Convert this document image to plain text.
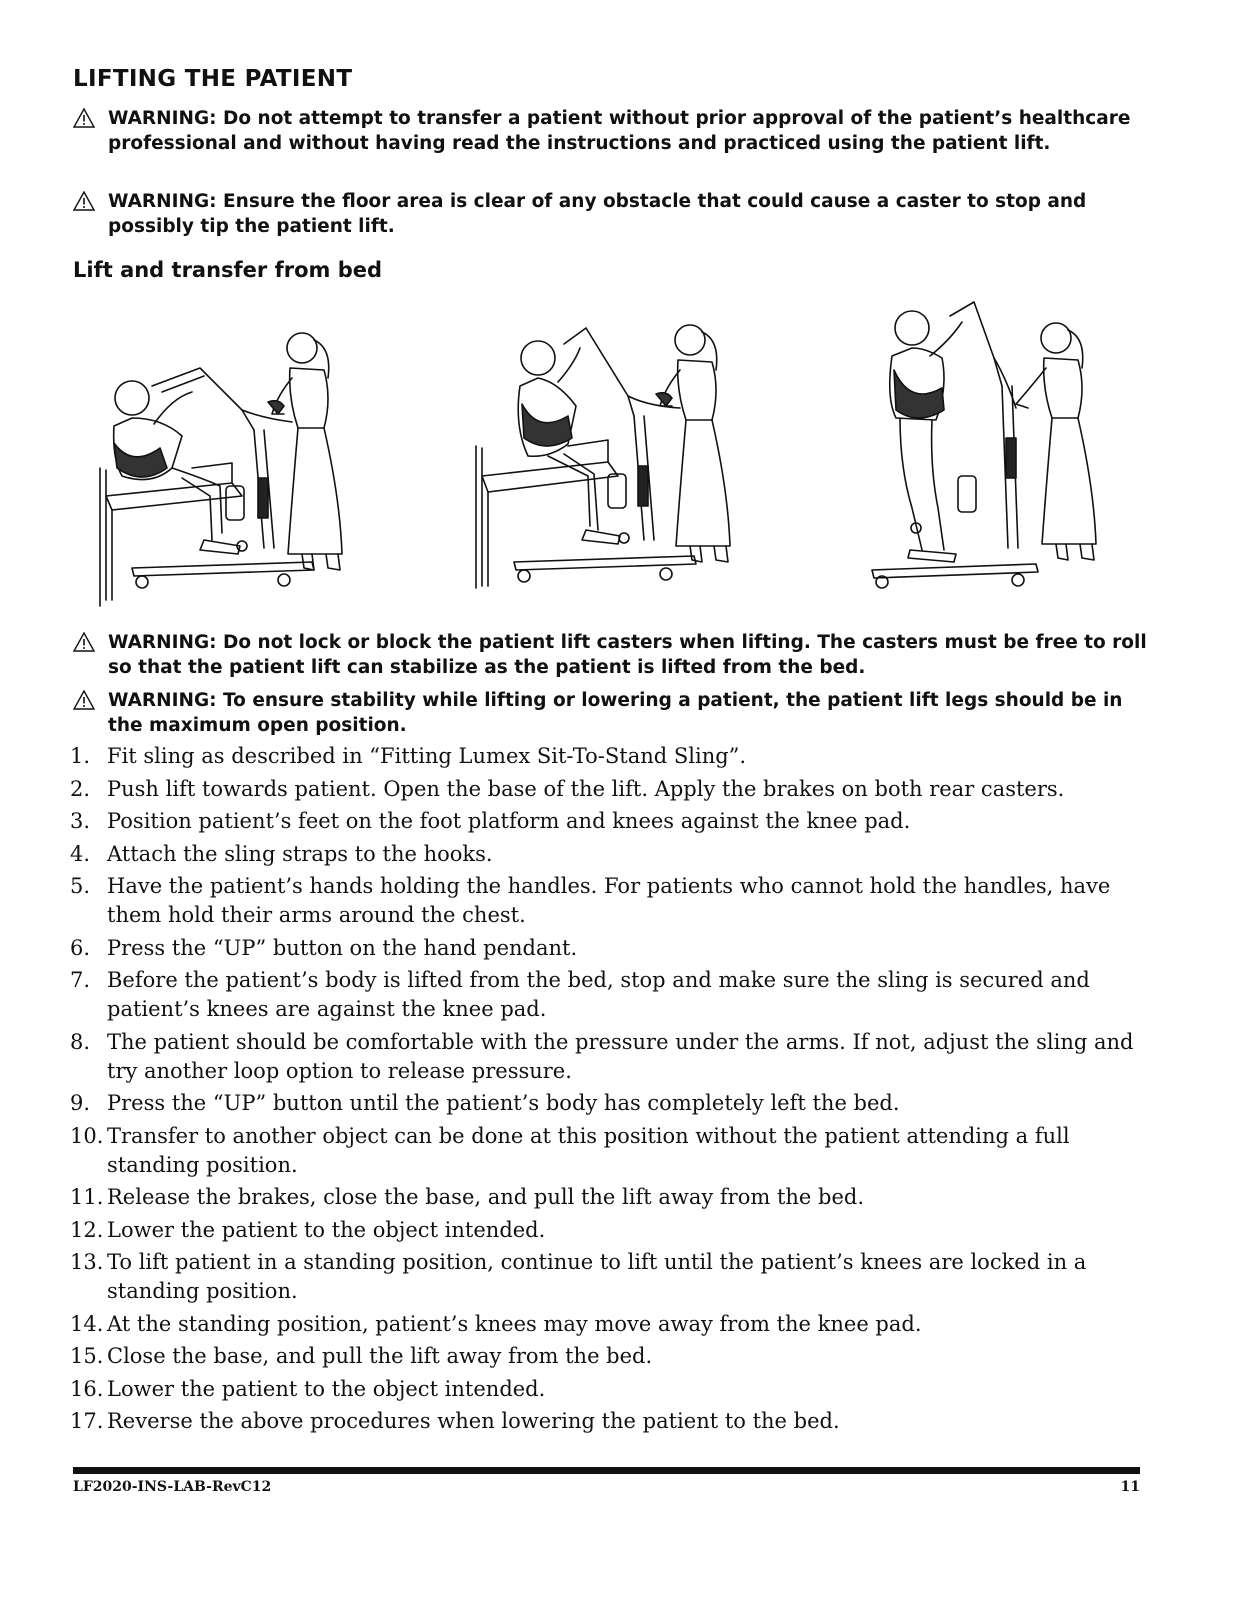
LIFTING THE PATIENT
WARNING: Do not attempt to transfer a patient without prior approval of the patient’s healthcare professional and without having read the instructions and practiced using the patient lift.
WARNING: Ensure the floor area is clear of any obstacle that could cause a caster to stop and possibly tip the patient lift.
Lift and transfer from bed
WARNING: Do not lock or block the patient lift casters when lifting. The casters must be free to roll so that the patient lift can stabilize as the patient is lifted from the bed.
WARNING: To ensure stability while lifting or lowering a patient, the patient lift legs should be in the maximum open position.
1. Fit sling as described in “Fitting Lumex Sit-To-Stand Sling”.
2. Push lift towards patient. Open the base of the lift. Apply the brakes on both rear casters.
3. Position patient’s feet on the foot platform and knees against the knee pad.
4. Attach the sling straps to the hooks.
5. Have the patient’s hands holding the handles. For patients who cannot hold the handles, have them hold their arms around the chest.
6. Press the “UP” button on the hand pendant.
7. Before the patient’s body is lifted from the bed, stop and make sure the sling is secured and patient’s knees are against the knee pad.
8. The patient should be comfortable with the pressure under the arms. If not, adjust the sling and try another loop option to release pressure.
9. Press the “UP” button until the patient’s body has completely left the bed.
10. Transfer to another object can be done at this position without the patient attending a full standing position.
11. Release the brakes, close the base, and pull the lift away from the bed.
12. Lower the patient to the object intended.
13. To lift patient in a standing position, continue to lift until the patient’s knees are locked in a standing position.
14. At the standing position, patient’s knees may move away from the knee pad.
15. Close the base, and pull the lift away from the bed.
16. Lower the patient to the object intended.
17. Reverse the above procedures when lowering the patient to the bed.
LF2020-INS-LAB-RevC12	11
